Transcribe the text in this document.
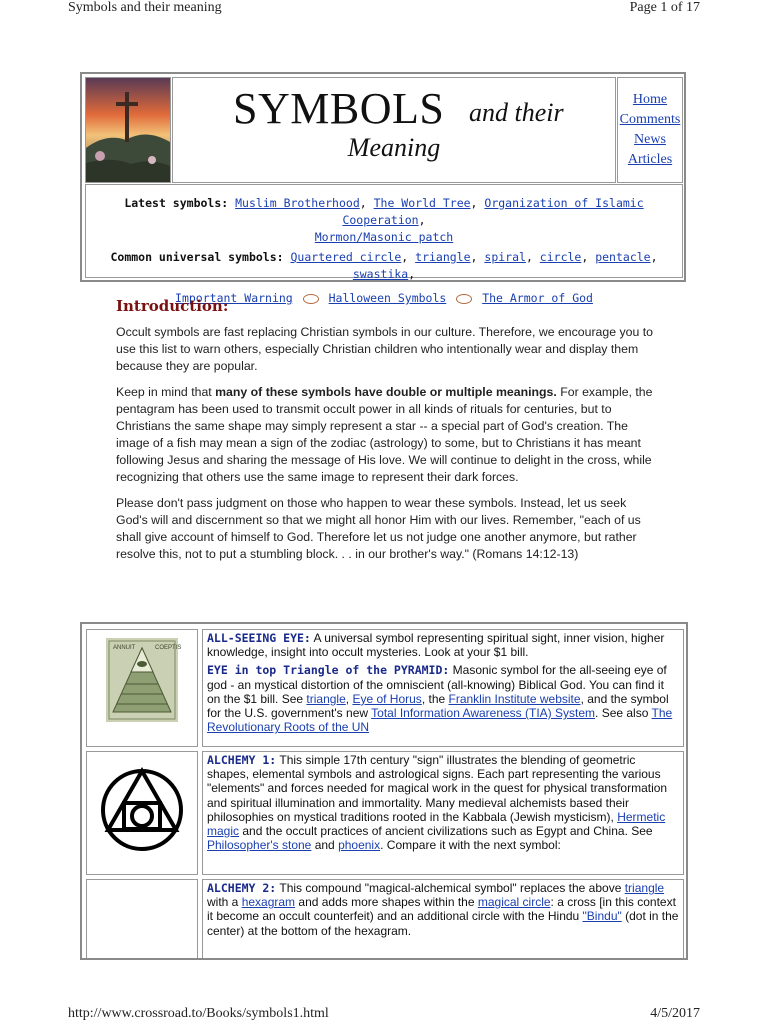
Symbols and their meaning	Page 1 of 17
SYMBOLS and their
Meaning
Home
Comments
News
Articles
Latest symbols: Muslim Brotherhood, The World Tree, Organization of Islamic Cooperation,
Mormon/Masonic patch
Common universal symbols: Quartered circle, triangle, spiral, circle, pentacle, swastika,
Important Warning	Halloween Symbols	The Armor of God
Introduction:

Occult symbols are fast replacing Christian symbols in our culture. Therefore, we encourage you to use this list to warn others, especially Christian children who intentionally wear and display them because they are popular.

Keep in mind that many of these symbols have double or multiple meanings. For example, the pentagram has been used to transmit occult power in all kinds of rituals for centuries, but to Christians the same shape may simply represent a star -- a special part of God's creation. The image of a fish may mean a sign of the zodiac (astrology) to some, but to Christians it has meant following Jesus and sharing the message of His love. We will continue to delight in the cross, while recognizing that others use the same image to represent their dark forces.

Please don't pass judgment on those who happen to wear these symbols. Instead, let us seek God's will and discernment so that we might all honor Him with our lives. Remember, "each of us shall give account of himself to God. Therefore let us not judge one another anymore, but rather resolve this, not to put a stumbling block. . . in our brother's way." (Romans 14:12-13)

ANNUIT	COEPTIS
ALL-SEEING EYE: A universal symbol representing spiritual sight, inner vision, higher knowledge, insight into occult mysteries. Look at your $1 bill.
EYE in top Triangle of the PYRAMID: Masonic symbol for the all-seeing eye of god - an mystical distortion of the omniscient (all-knowing) Biblical God. You can find it on the $1 bill. See triangle, Eye of Horus, the Franklin Institute website, and the symbol for the U.S. government's new Total Information Awareness (TIA) System. See also The Revolutionary Roots of the UN
ALCHEMY 1: This simple 17th century "sign" illustrates the blending of geometric shapes, elemental symbols and astrological signs. Each part representing the various "elements" and forces needed for magical work in the quest for physical transformation and spiritual illumination and immortality. Many medieval alchemists based their philosophies on mystical traditions rooted in the Kabbala (Jewish mysticism), Hermetic magic and the occult practices of ancient civilizations such as Egypt and China. See Philosopher's stone and phoenix. Compare it with the next symbol:
ALCHEMY 2: This compound "magical-alchemical symbol" replaces the above triangle with a hexagram and adds more shapes within the magical circle: a cross [in this context it become an occult counterfeit) and an additional circle with the Hindu "Bindu" (dot in the center) at the bottom of the hexagram.
http://www.crossroad.to/Books/symbols1.html	4/5/2017
